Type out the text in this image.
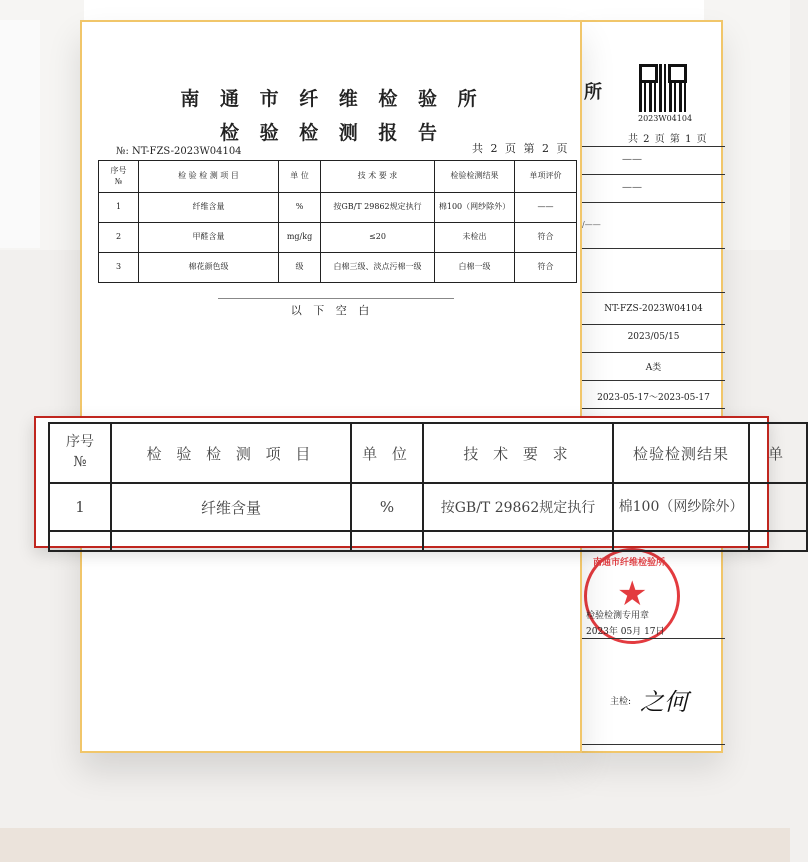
所
2023W04104
共 2 页 第 1 页
——
——
/——
NT-FZS-2023W04104
2023/05/15
A类
2023-05-17～2023-05-17
南通市纤维检验所
★
检验检测专用章
2023年 05月 17日
主检: 之何
南 通 市 纤 维 检 验 所
检 验 检 测 报 告
№: NT-FZS-2023W04104	共 2 页 第 2 页
序号
№	检 验 检 测 项 目	单 位	技 术 要 求	检验检测结果	单项评价
1	纤维含量	%	按GB/T 29862规定执行	棉100（网纱除外）	——
2	甲醛含量	mg/kg	≤20	未检出	符合
3	棉花颜色级	级	白棉三级、淡点污棉一级	白棉一级	符合
以 下 空 白
序号
№	检 验 检 测 项 目	单 位	技 术 要 求	检验检测结果	单
1	纤维含量	%	按GB/T 29862规定执行	棉100（网纱除外）	
